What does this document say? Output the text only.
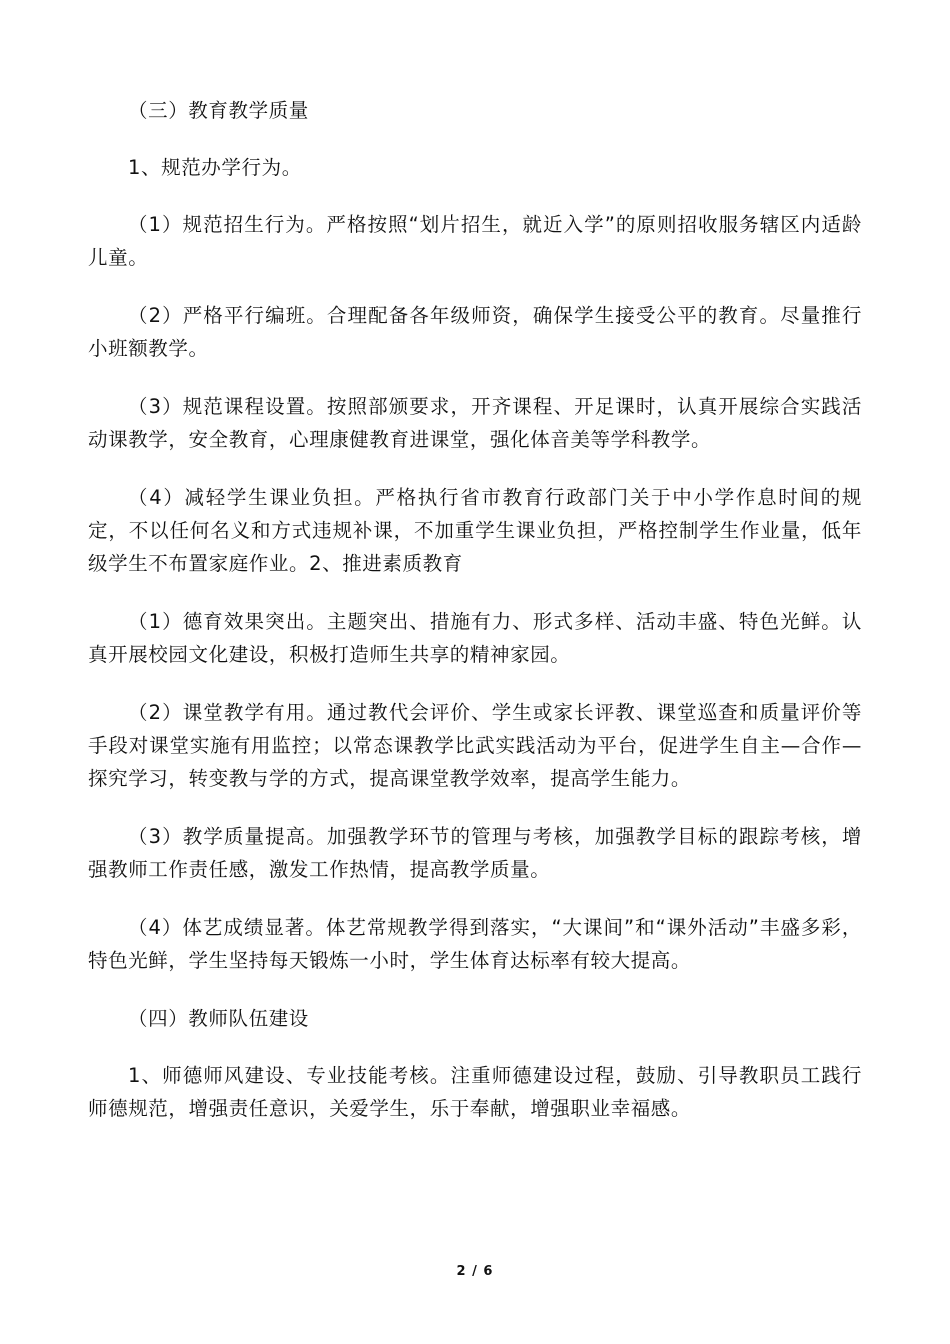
（三）教育教学质量

1、规范办学行为。

（1）规范招生行为。严格按照“划片招生，就近入学”的原则招收服务辖区内适龄儿童。

（2）严格平行编班。合理配备各年级师资，确保学生接受公平的教育。尽量推行小班额教学。

（3）规范课程设置。按照部颁要求，开齐课程、开足课时，认真开展综合实践活动课教学，安全教育，心理康健教育进课堂，强化体音美等学科教学。

（4）减轻学生课业负担。严格执行省市教育行政部门关于中小学作息时间的规定，不以任何名义和方式违规补课，不加重学生课业负担，严格控制学生作业量，低年级学生不布置家庭作业。2、推进素质教育

（1）德育效果突出。主题突出、措施有力、形式多样、活动丰盛、特色光鲜。认真开展校园文化建设，积极打造师生共享的精神家园。

（2）课堂教学有用。通过教代会评价、学生或家长评教、课堂巡查和质量评价等手段对课堂实施有用监控；以常态课教学比武实践活动为平台，促进学生自主—合作—探究学习，转变教与学的方式，提高课堂教学效率，提高学生能力。

（3）教学质量提高。加强教学环节的管理与考核，加强教学目标的跟踪考核，增强教师工作责任感，激发工作热情，提高教学质量。

（4）体艺成绩显著。体艺常规教学得到落实，“大课间”和“课外活动”丰盛多彩，特色光鲜，学生坚持每天锻炼一小时，学生体育达标率有较大提高。

（四）教师队伍建设

1、师德师风建设、专业技能考核。注重师德建设过程，鼓励、引导教职员工践行师德规范，增强责任意识，关爱学生，乐于奉献，增强职业幸福感。

2 / 6
